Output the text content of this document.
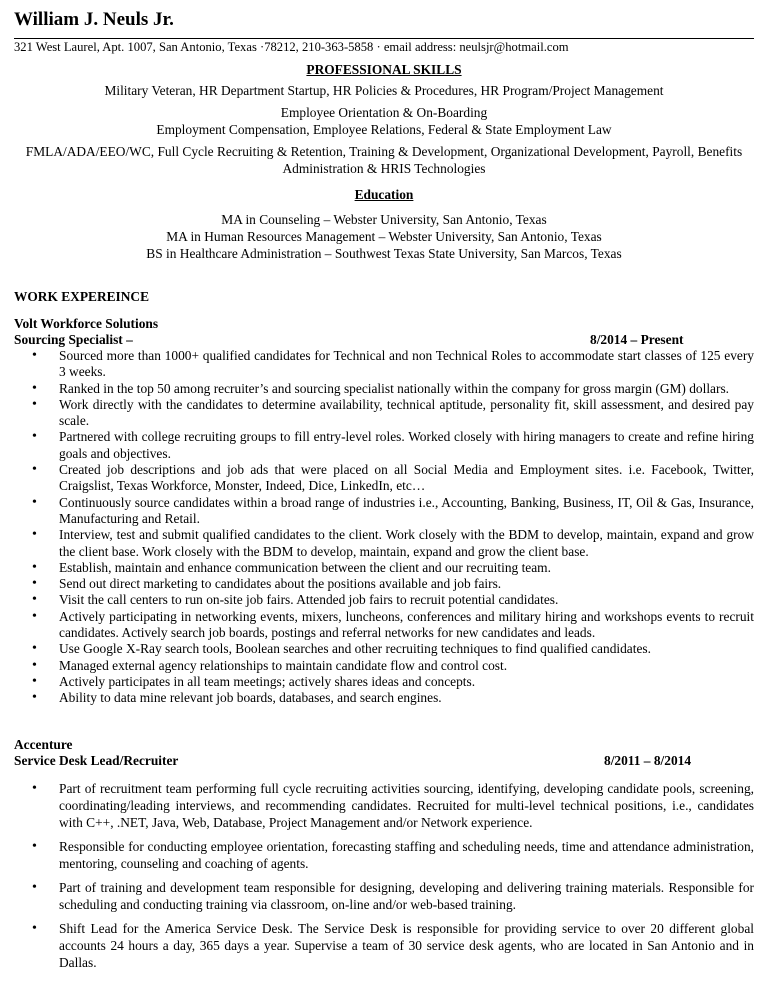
William J. Neuls Jr.
321 West Laurel, Apt. 1007, San Antonio, Texas ·78212, 210-363-5858 · email address: neulsjr@hotmail.com
PROFESSIONAL SKILLS
Military Veteran, HR Department Startup, HR Policies & Procedures, HR Program/Project Management
Employee Orientation & On-Boarding
Employment Compensation, Employee Relations, Federal & State Employment Law
FMLA/ADA/EEO/WC, Full Cycle Recruiting & Retention, Training & Development, Organizational Development, Payroll, Benefits Administration & HRIS Technologies
Education
MA in Counseling – Webster University, San Antonio, Texas
MA in Human Resources Management – Webster University, San Antonio, Texas
BS in Healthcare Administration – Southwest Texas State University, San Marcos, Texas
WORK EXPEREINCE
Volt Workforce Solutions
Sourcing Specialist –	8/2014 – Present
• Sourced more than 1000+ qualified candidates for Technical and non Technical Roles to accommodate start classes of 125 every 3 weeks.
• Ranked in the top 50 among recruiter’s and sourcing specialist nationally within the company for gross margin (GM) dollars.
• Work directly with the candidates to determine availability, technical aptitude, personality fit, skill assessment, and desired pay scale.
• Partnered with college recruiting groups to fill entry-level roles. Worked closely with hiring managers to create and refine hiring goals and objectives.
• Created job descriptions and job ads that were placed on all Social Media and Employment sites. i.e. Facebook, Twitter, Craigslist, Texas Workforce, Monster, Indeed, Dice, LinkedIn, etc…
• Continuously source candidates within a broad range of industries i.e., Accounting, Banking, Business, IT, Oil & Gas, Insurance, Manufacturing and Retail.
• Interview, test and submit qualified candidates to the client. Work closely with the BDM to develop, maintain, expand and grow the client base. Work closely with the BDM to develop, maintain, expand and grow the client base.
• Establish, maintain and enhance communication between the client and our recruiting team.
• Send out direct marketing to candidates about the positions available and job fairs.
• Visit the call centers to run on-site job fairs. Attended job fairs to recruit potential candidates.
• Actively participating in networking events, mixers, luncheons, conferences and military hiring and workshops events to recruit candidates. Actively search job boards, postings and referral networks for new candidates and leads.
• Use Google X-Ray search tools, Boolean searches and other recruiting techniques to find qualified candidates.
• Managed external agency relationships to maintain candidate flow and control cost.
• Actively participates in all team meetings; actively shares ideas and concepts.
• Ability to data mine relevant job boards, databases, and search engines.
Accenture
Service Desk Lead/Recruiter	8/2011 – 8/2014
• Part of recruitment team performing full cycle recruiting activities sourcing, identifying, developing candidate pools, screening, coordinating/leading interviews, and recommending candidates. Recruited for multi-level technical positions, i.e., candidates with C++, .NET, Java, Web, Database, Project Management and/or Network experience.
• Responsible for conducting employee orientation, forecasting staffing and scheduling needs, time and attendance administration, mentoring, counseling and coaching of agents.
• Part of training and development team responsible for designing, developing and delivering training materials. Responsible for scheduling and conducting training via classroom, on-line and/or web-based training.
• Shift Lead for the America Service Desk. The Service Desk is responsible for providing service to over 20 different global accounts 24 hours a day, 365 days a year. Supervise a team of 30 service desk agents, who are located in San Antonio and in Dallas.
